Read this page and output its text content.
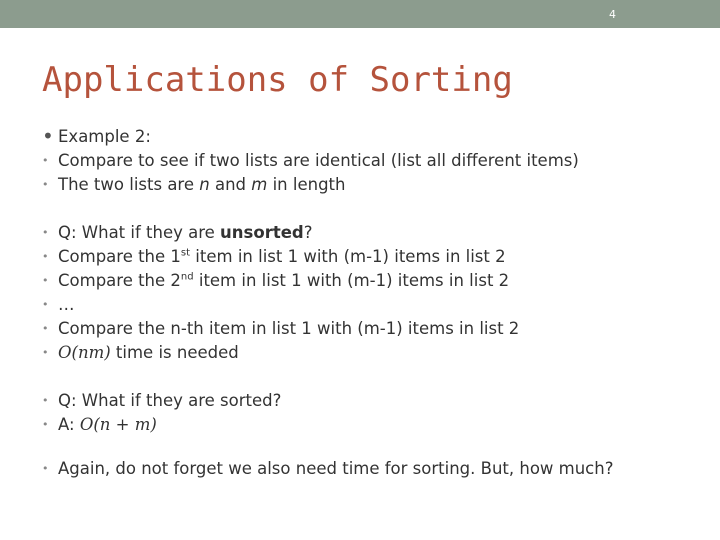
4
Applications of Sorting
• Example 2:
• Compare to see if two lists are identical (list all different items)
• The two lists are n and m in length
• Q: What if they are unsorted?
• Compare the 1st item in list 1 with (m-1) items in list 2
• Compare the 2nd item in list 1 with (m-1) items in list 2
• …
• Compare the n-th item in list 1 with (m-1) items in list 2
• O(nm) time is needed
• Q: What if they are sorted?
• A: O(n + m)
• Again, do not forget we also need time for sorting. But, how much?
